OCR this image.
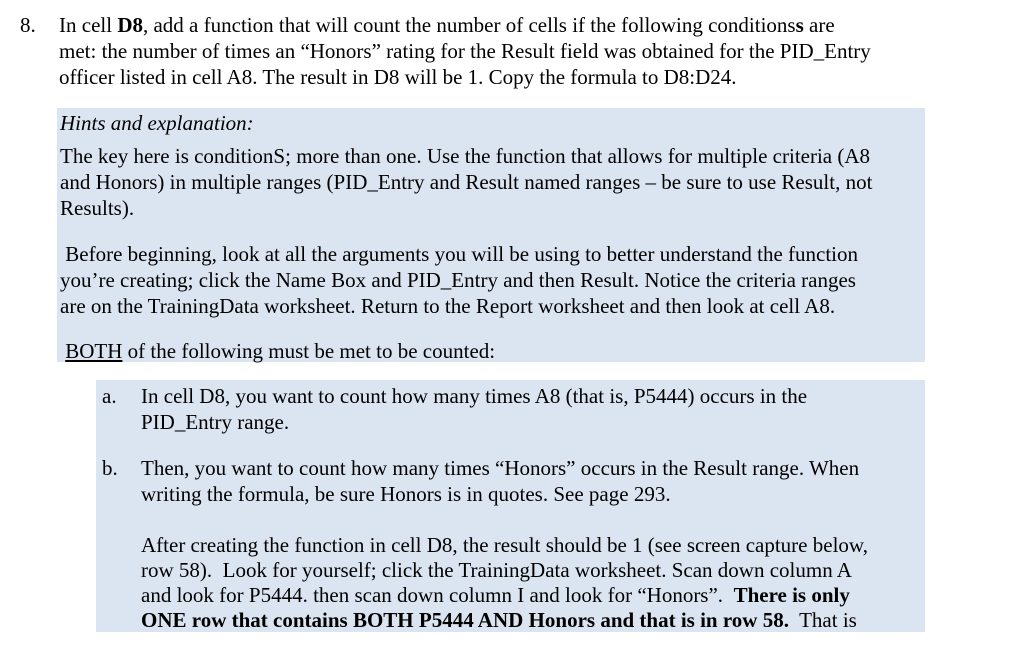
8. In cell D8, add a function that will count the number of cells if the following conditionss are
met: the number of times an “Honors” rating for the Result field was obtained for the PID_Entry
officer listed in cell A8. The result in D8 will be 1. Copy the formula to D8:D24.
Hints and explanation:
The key here is conditionS; more than one. Use the function that allows for multiple criteria (A8
and Honors) in multiple ranges (PID_Entry and Result named ranges – be sure to use Result, not
Results).
Before beginning, look at all the arguments you will be using to better understand the function
you’re creating; click the Name Box and PID_Entry and then Result. Notice the criteria ranges
are on the TrainingData worksheet. Return to the Report worksheet and then look at cell A8.
BOTH of the following must be met to be counted:
a. In cell D8, you want to count how many times A8 (that is, P5444) occurs in the
PID_Entry range.
b. Then, you want to count how many times “Honors” occurs in the Result range. When
writing the formula, be sure Honors is in quotes. See page 293.
After creating the function in cell D8, the result should be 1 (see screen capture below,
row 58).  Look for yourself; click the TrainingData worksheet. Scan down column A
and look for P5444. then scan down column I and look for “Honors”.  There is only
ONE row that contains BOTH P5444 AND Honors and that is in row 58.  That is
